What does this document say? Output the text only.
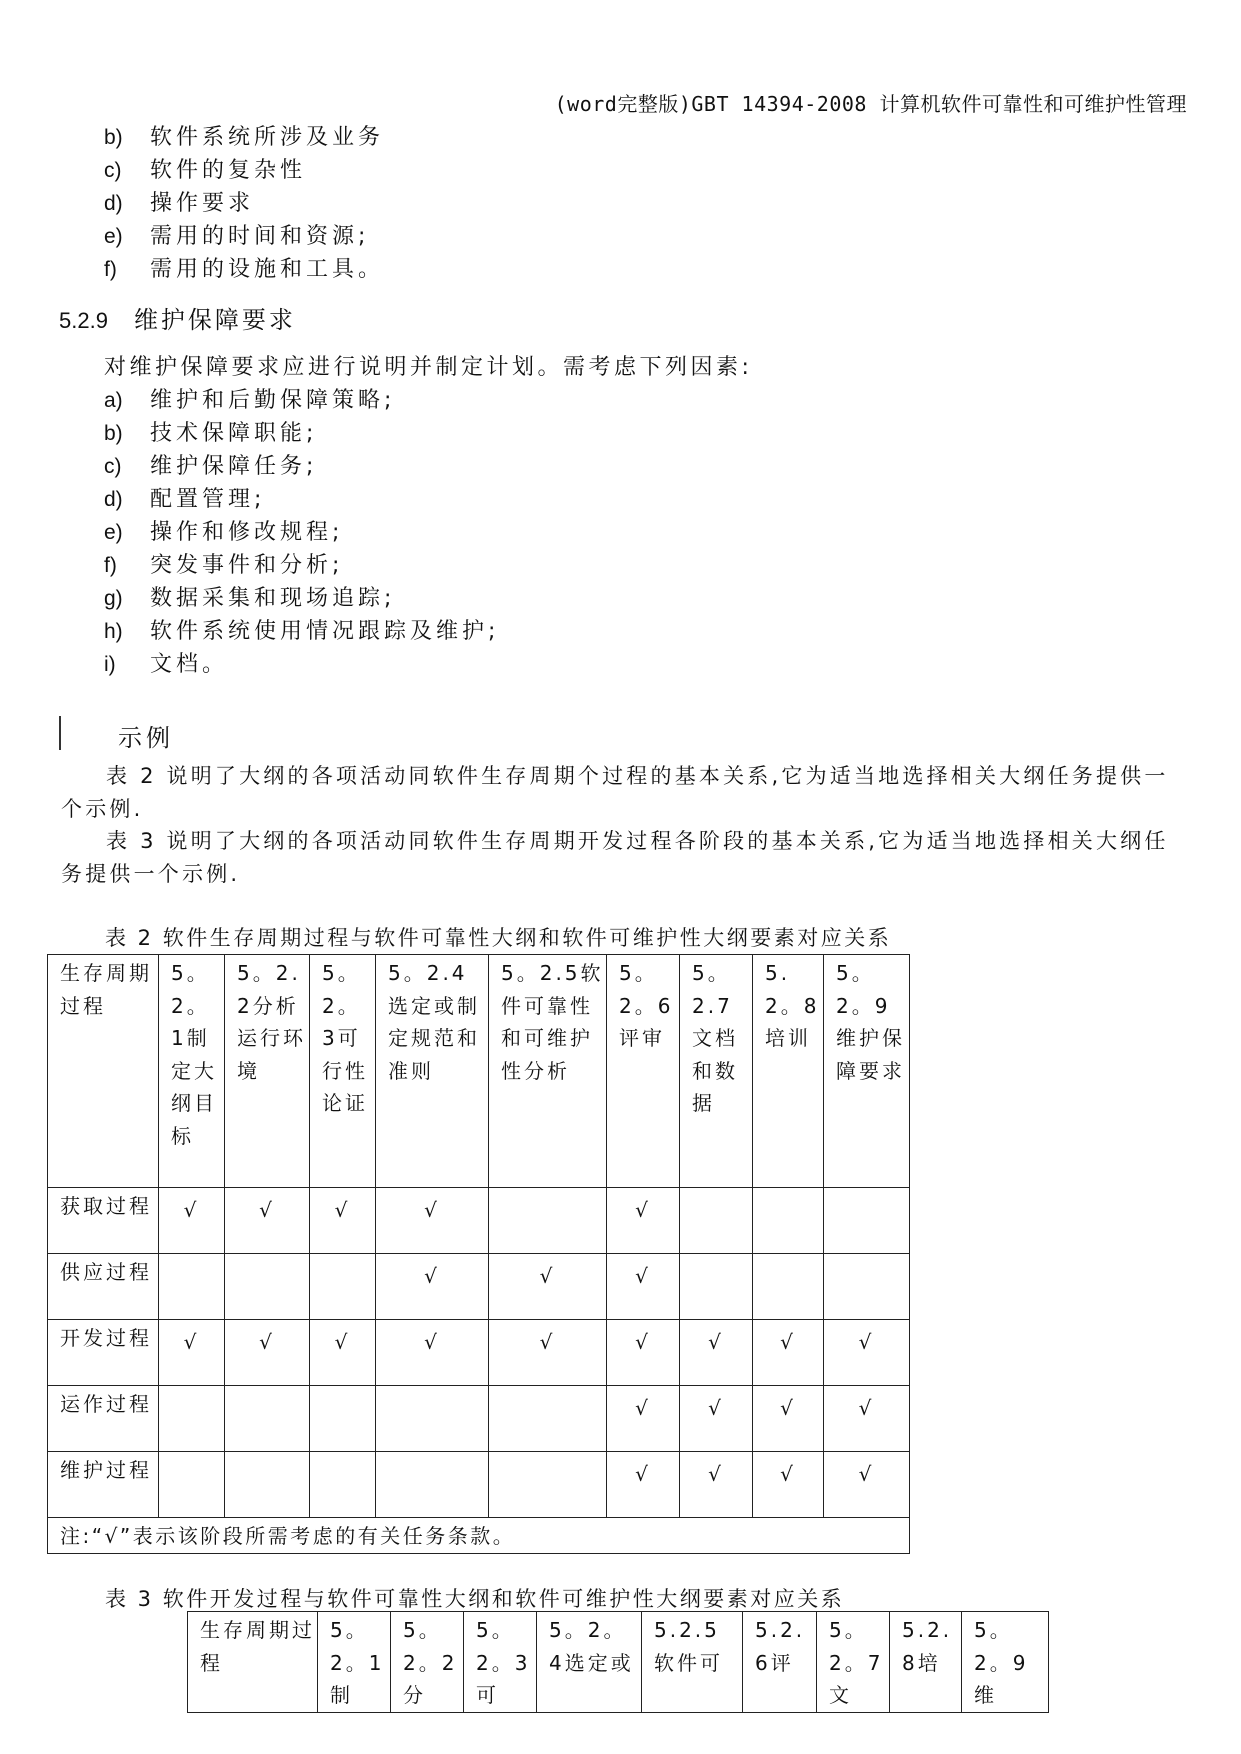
(word完整版)GBT 14394-2008 计算机软件可靠性和可维护性管理
b) 软件系统所涉及业务
c) 软件的复杂性
d) 操作要求
e) 需用的时间和资源;
f) 需用的设施和工具。
5.2.9 维护保障要求
对维护保障要求应进行说明并制定计划。需考虑下列因素:
a) 维护和后勤保障策略;
b) 技术保障职能;
c) 维护保障任务;
d) 配置管理;
e) 操作和修改规程;
f) 突发事件和分析;
g) 数据采集和现场追踪;
h) 软件系统使用情况跟踪及维护;
i) 文档。
示例
表 2 说明了大纲的各项活动同软件生存周期个过程的基本关系,它为适当地选择相关大纲任务提供一个示例.
表 3 说明了大纲的各项活动同软件生存周期开发过程各阶段的基本关系,它为适当地选择相关大纲任务提供一个示例.
表 2 软件生存周期过程与软件可靠性大纲和软件可维护性大纲要素对应关系
生存周期过程	5。2。1制定大纲目标	5。2.2分析运行环境	5。2。3可行性论证	5。2.4选定或制定规范和准则	5。2.5软件可靠性和可维护性分析	5。2。6评审	5。2.7文档和数据	5.2。8培训	5。2。9维护保障要求
获取过程	√	√	√	√		√			
供应过程				√	√	√			
开发过程	√	√	√	√	√	√	√	√	√
运作过程						√	√	√	√
维护过程						√	√	√	√
注:“√”表示该阶段所需考虑的有关任务条款。									
表 3 软件开发过程与软件可靠性大纲和软件可维护性大纲要素对应关系
生存周期过程	5。2。1制	5。2。2分	5。2。3可	5。2。4选定或	5.2.5软件可	5.2.6评	5。2。7文	5.2.8培	5。2。9维
